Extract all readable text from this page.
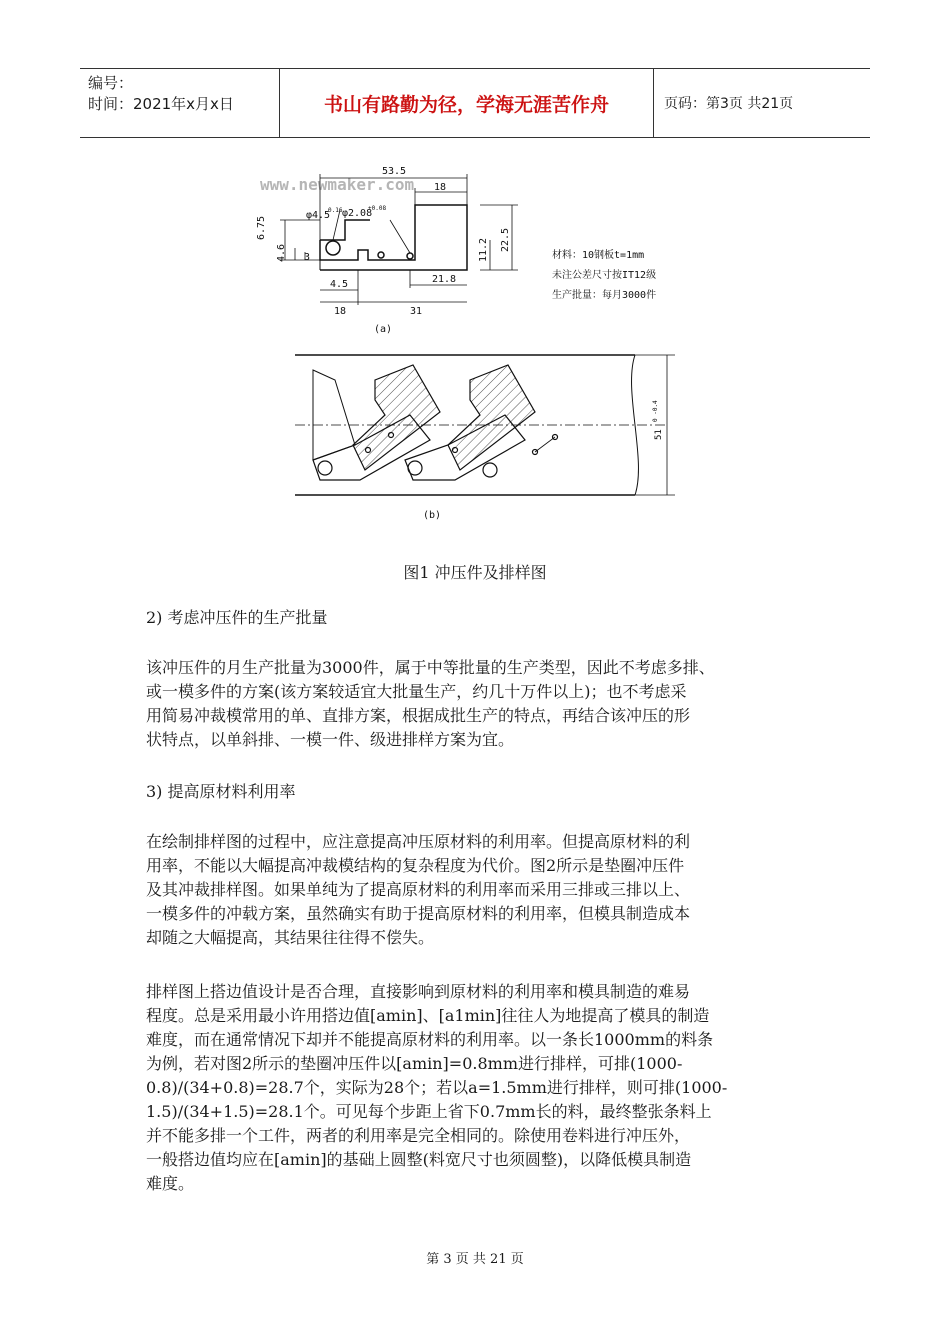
编号：
时间：2021年x月x日	书山有路勤为径，学海无涯苦作舟	页码：第3页 共21页
www.newmaker.com
53.5
18
φ4.5
0.16 φ2.08
+0.08
6.75
4.6 3
4.5
18
21.8
31
11.2 22.5
材料：10钢板t=1mm
未注公差尺寸按IT12级
生产批量：每月3000件
(a)
51
0 -0.4
(b)
图1 冲压件及排样图

2) 考虑冲压件的生产批量

该冲压件的月生产批量为3000件，属于中等批量的生产类型，因此不考虑多排、
或一模多件的方案(该方案较适宜大批量生产，约几十万件以上)；也不考虑采
用简易冲裁模常用的单、直排方案，根据成批生产的特点，再结合该冲压的形
状特点，以单斜排、一模一件、级进排样方案为宜。

3) 提高原材料利用率

在绘制排样图的过程中，应注意提高冲压原材料的利用率。但提高原材料的利
用率，不能以大幅提高冲裁模结构的复杂程度为代价。图2所示是垫圈冲压件
及其冲裁排样图。如果单纯为了提高原材料的利用率而采用三排或三排以上、
一模多件的冲载方案，虽然确实有助于提高原材料的利用率，但模具制造成本
却随之大幅提高，其结果往往得不偿失。

排样图上搭边值设计是否合理，直接影响到原材料的利用率和模具制造的难易
程度。总是采用最小许用搭边值[amin]、[a1min]往往人为地提高了模具的制造
难度，而在通常情况下却并不能提高原材料的利用率。以一条长1000mm的料条
为例，若对图2所示的垫圈冲压件以[amin]=0.8mm进行排样，可排(1000-
0.8)/(34+0.8)=28.7个，实际为28个；若以a=1.5mm进行排样，则可排(1000-
1.5)/(34+1.5)=28.1个。可见每个步距上省下0.7mm长的料，最终整张条料上
并不能多排一个工件，两者的利用率是完全相同的。除使用卷料进行冲压外，
一般搭边值均应在[amin]的基础上圆整(料宽尺寸也须圆整)，以降低模具制造
难度。

第 3 页 共 21 页
